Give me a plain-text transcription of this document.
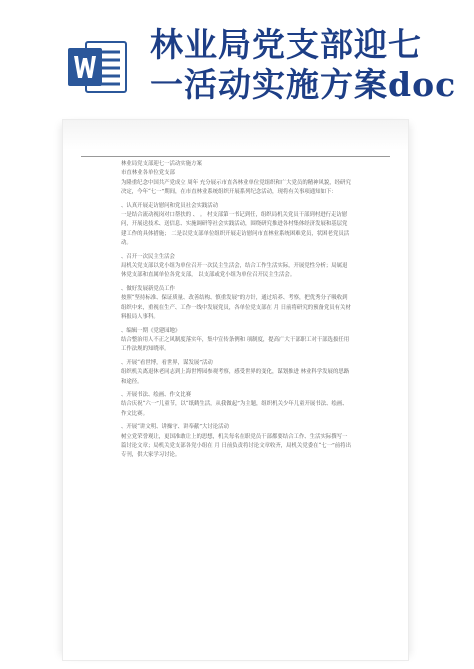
林业局党支部迎七
一活动实施方案doc

林业局党支部迎七一活动实施方案

市直林业各单位党支部

为隆重纪念中国共产党成立 周年 充分展示市直各林业单位党组织和广大党员的精神风貌，经研究决定，今年“七一”期间，在市直林业系统组织开展系列纪念活动，现将有关事项通知如下：

、认真开展走访慰问和党员社会实践活动

一是结合流动视岗对口帮扶的 、 。 村支部第一书记到任，组织局机关党员干部到村进行走访慰问，开展送技术、送信息、实施调研等社会实践活动，围绕研究推进各村集体经济发展和基层党建工作的具体措施； 二是以党支部单位组织开展走访慰问市直林业系统困难党员，状困老党员活动。

、召开一次民主生活会

局机关党支部以党小组为单位召开一次民主生活会，结合工作生活实际，开展党性分析；局属退休党支部和直属单位各党支部， 以支部或党小组为单位召开民主生活会。

、做好发展新党员工作

按照“坚持标准、保证质量、改善结构、慎重发展”的方针，通过培养、考察，把优秀分子吸收到组织中来，重视在生产、工作一线中发展党员，各单位党支部在 月 日前将研究的预备党员有关材料报局人事科。

、编辑一期《党建园地》

结合整治用人不正之风制度落实年，集中宣传条例和 项制度，提高广大干部职工对干部选拔任用工作法规的知晓率。

、开展“看世博，看世界，谋发展”活动

组织机关离退休老同志到上海世博园参观考察，感受世界的变化，谋划推进 林业科学发展的思路和途径。

、开展书法、绘画、作文比赛

结合庆祝“六一”儿童节，以“纸鹤生活，从我做起”为主题，组织机关少年儿童开展书法、绘画、作文比赛。

、开展“讲文明、讲操守、讲奉献”大讨论活动

树立党荣誉观让，更国准敢让上的思想，机关每名在职党员干部都要结合工作、生活实际撰写一篇讨论文章；局机关党支部各党小组在 月 日前负责将讨论文章收齐，局机关党委在“七一”前将出专刊，供大家学习讨论。
